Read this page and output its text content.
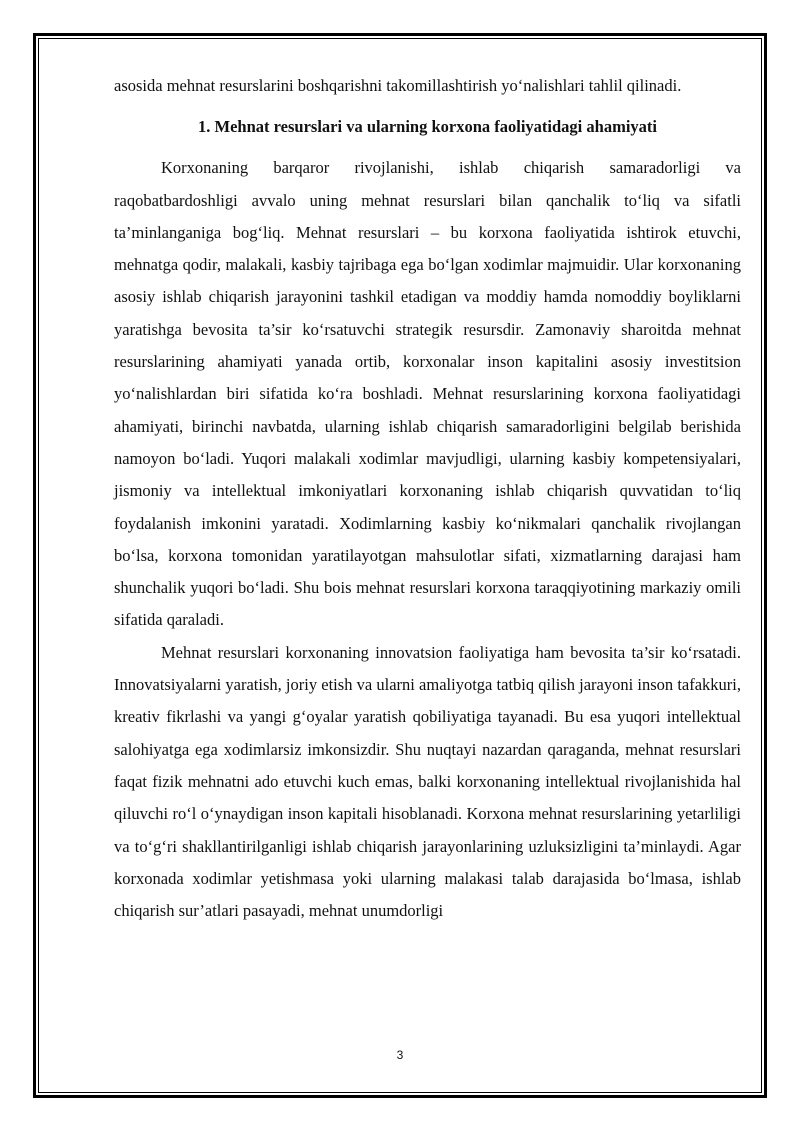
asosida mehnat resurslarini boshqarishni takomillashtirish yo‘nalishlari tahlil qilinadi.

1. Mehnat resurslari va ularning korxona faoliyatidagi ahamiyati

Korxonaning barqaror rivojlanishi, ishlab chiqarish samaradorligi va raqobatbardoshligi avvalo uning mehnat resurslari bilan qanchalik to‘liq va sifatli ta’minlanganiga bog‘liq. Mehnat resurslari – bu korxona faoliyatida ishtirok etuvchi, mehnatga qodir, malakali, kasbiy tajribaga ega bo‘lgan xodimlar majmuidir. Ular korxonaning asosiy ishlab chiqarish jarayonini tashkil etadigan va moddiy hamda nomoddiy boyliklarni yaratishga bevosita ta’sir ko‘rsatuvchi strategik resursdir. Zamonaviy sharoitda mehnat resurslarining ahamiyati yanada ortib, korxonalar inson kapitalini asosiy investitsion yo‘nalishlardan biri sifatida ko‘ra boshladi. Mehnat resurslarining korxona faoliyatidagi ahamiyati, birinchi navbatda, ularning ishlab chiqarish samaradorligini belgilab berishida namoyon bo‘ladi. Yuqori malakali xodimlar mavjudligi, ularning kasbiy kompetensiyalari, jismoniy va intellektual imkoniyatlari korxonaning ishlab chiqarish quvvatidan to‘liq foydalanish imkonini yaratadi. Xodimlarning kasbiy ko‘nikmalari qanchalik rivojlangan bo‘lsa, korxona tomonidan yaratilayotgan mahsulotlar sifati, xizmatlarning darajasi ham shunchalik yuqori bo‘ladi. Shu bois mehnat resurslari korxona taraqqiyotining markaziy omili sifatida qaraladi.

Mehnat resurslari korxonaning innovatsion faoliyatiga ham bevosita ta’sir ko‘rsatadi. Innovatsiyalarni yaratish, joriy etish va ularni amaliyotga tatbiq qilish jarayoni inson tafakkuri, kreativ fikrlashi va yangi g‘oyalar yaratish qobiliyatiga tayanadi. Bu esa yuqori intellektual salohiyatga ega xodimlarsiz imkonsizdir. Shu nuqtayi nazardan qaraganda, mehnat resurslari faqat fizik mehnatni ado etuvchi kuch emas, balki korxonaning intellektual rivojlanishida hal qiluvchi ro‘l o‘ynaydigan inson kapitali hisoblanadi. Korxona mehnat resurslarining yetarliligi va to‘g‘ri shakllantirilganligi ishlab chiqarish jarayonlarining uzluksizligini ta’minlaydi. Agar korxonada xodimlar yetishmasa yoki ularning malakasi talab darajasida bo‘lmasa, ishlab chiqarish sur’atlari pasayadi, mehnat unumdorligi

3
